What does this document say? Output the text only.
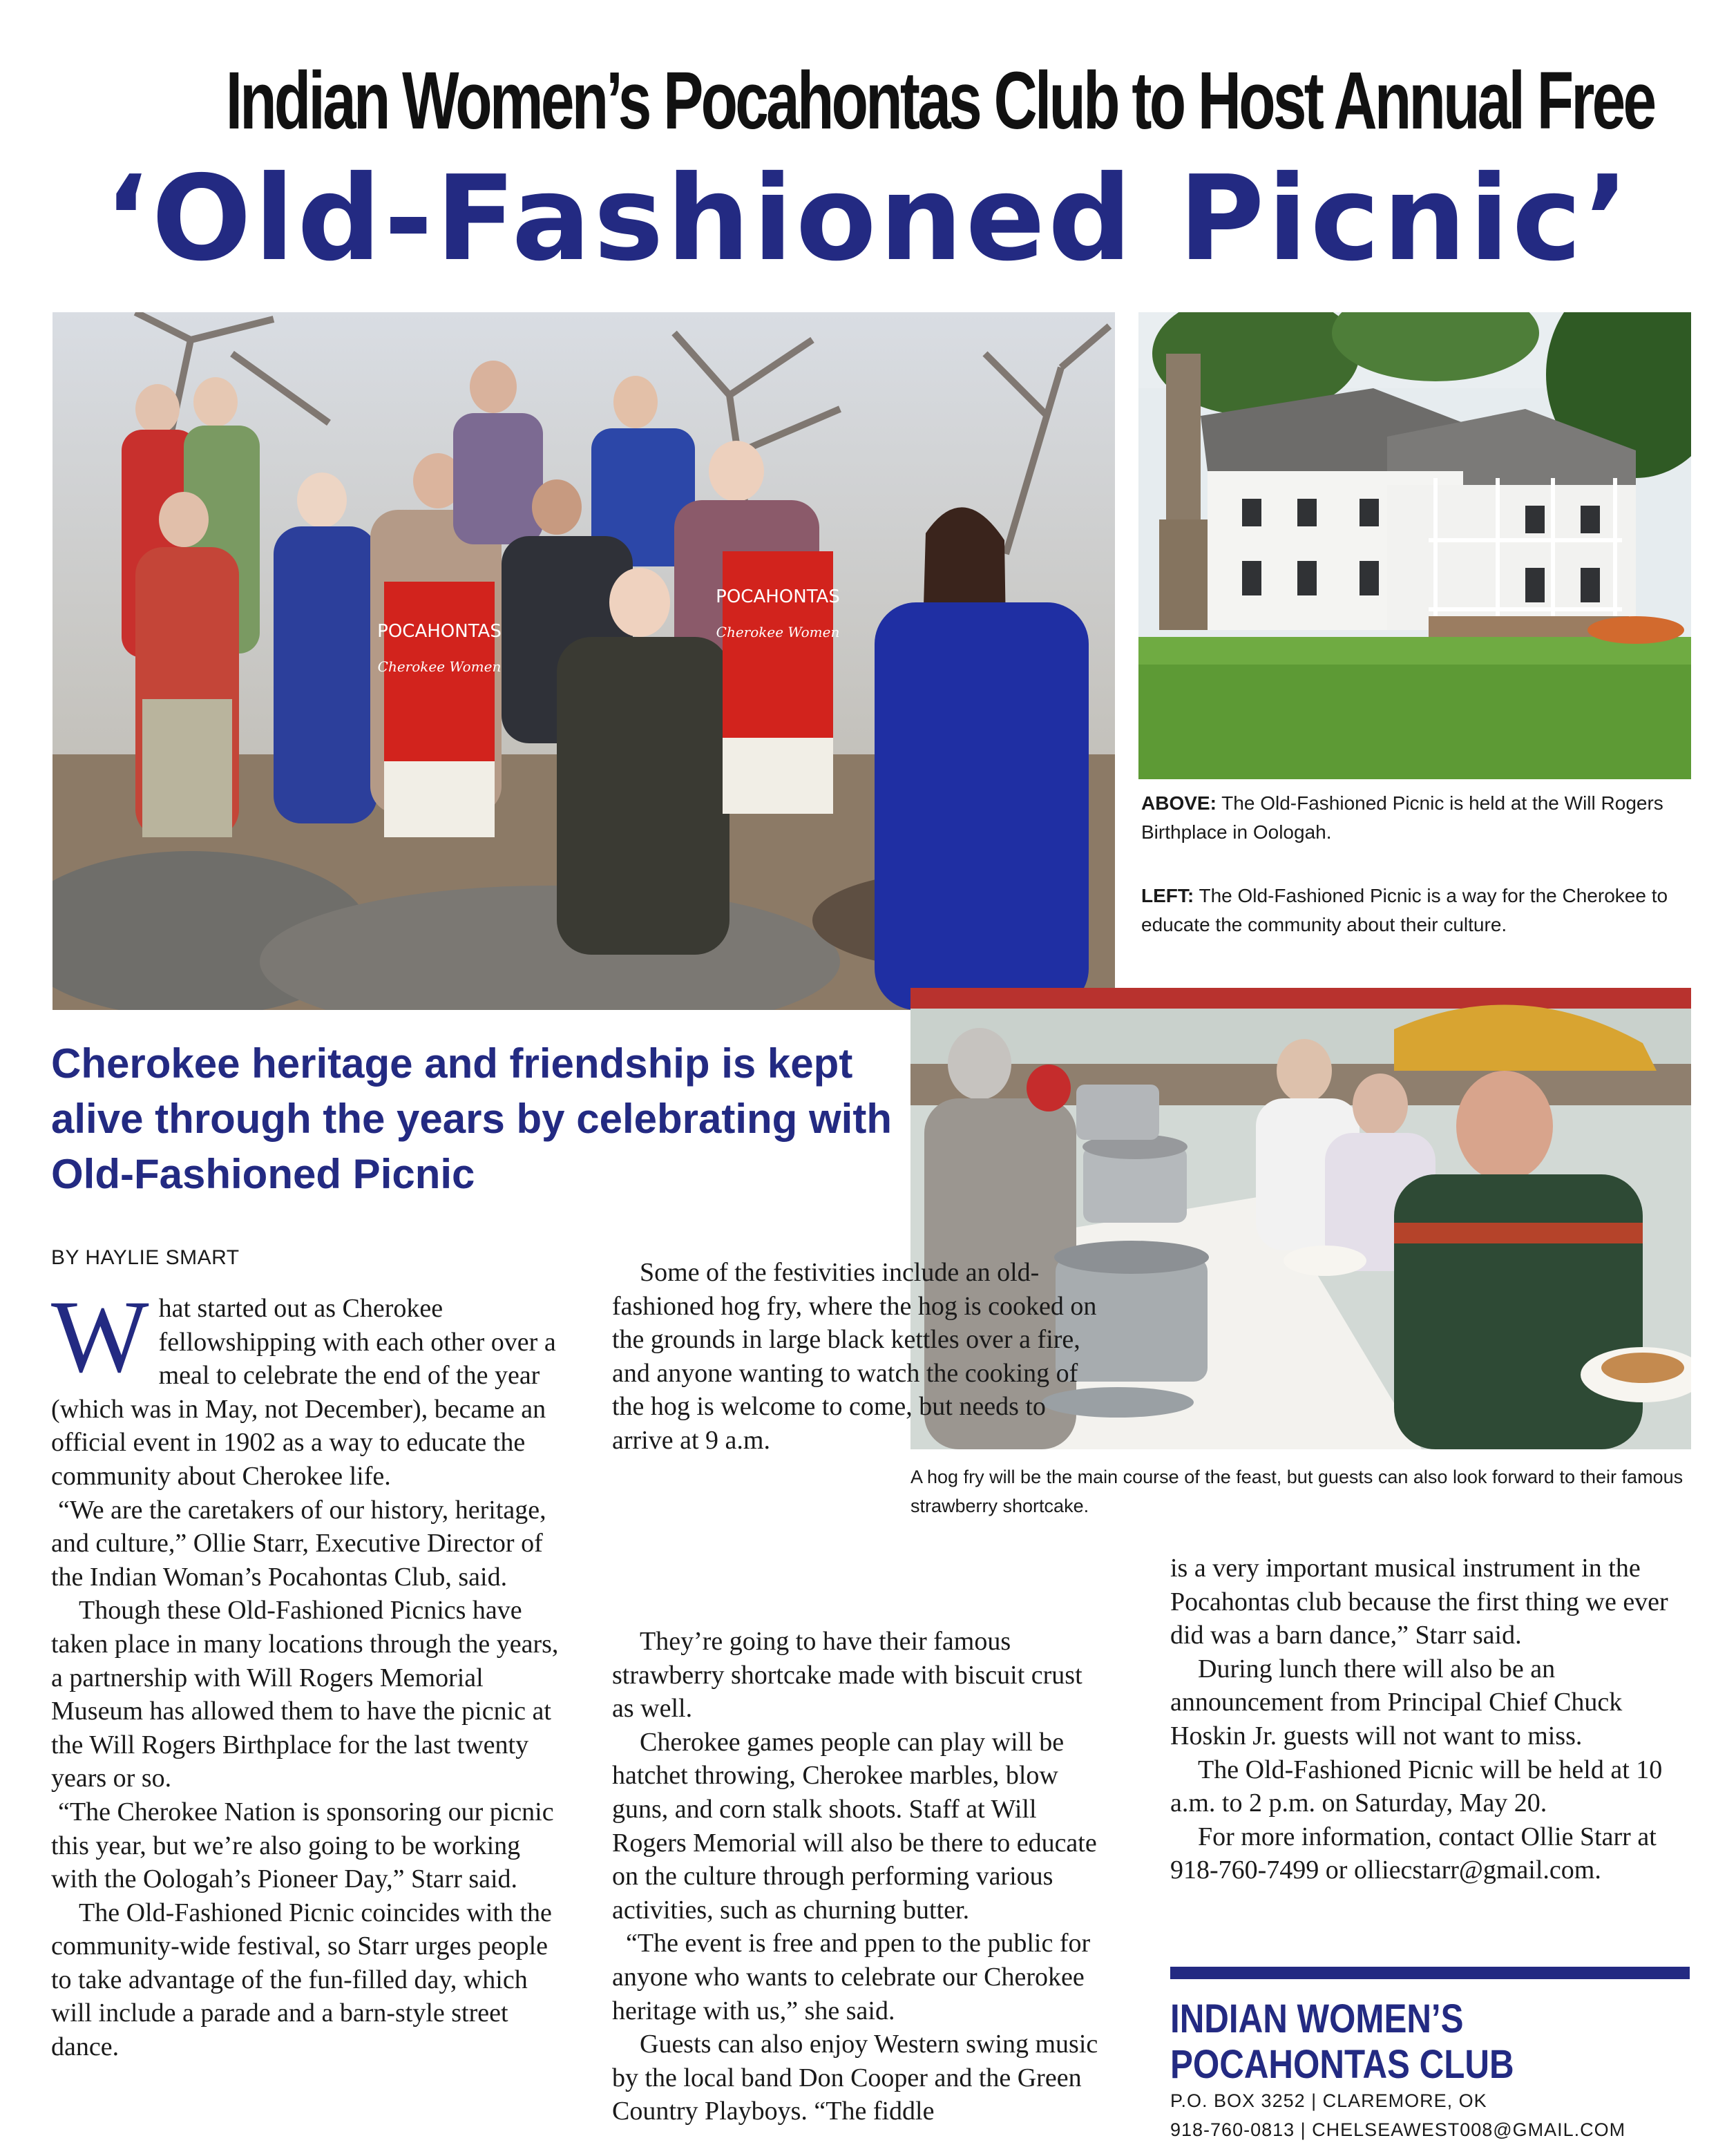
Indian Women’s Pocahontas Club to Host Annual Free
‘Old-Fashioned Picnic’
POCAHONTAS
Cherokee Women
POCAHONTAS
Cherokee Women
ABOVE: The Old-Fashioned Picnic is held at the Will Rogers Birthplace in Oologah.
LEFT: The Old-Fashioned Picnic is a way for the Cherokee to educate the community about their culture.
A hog fry will be the main course of the feast, but guests can also look forward to their famous strawberry shortcake.
Cherokee heritage and friendship is kept alive through the years by celebrating with Old-Fashioned Picnic
BY HAYLIE SMART

What started out as Cherokee fellowshipping with each other over a meal to celebrate the end of the year (which was in May, not December), became an official event in 1902 as a way to educate the community about Cherokee life.

“We are the caretakers of our history, heritage, and culture,” Ollie Starr, Executive Director of the Indian Woman’s Pocahontas Club, said.

Though these Old-Fashioned Picnics have taken place in many locations through the years, a partnership with Will Rogers Memorial Museum has allowed them to have the picnic at the Will Rogers Birthplace for the last twenty years or so.

“The Cherokee Nation is sponsoring our picnic this year, but we’re also going to be working with the Oologah’s Pioneer Day,” Starr said.

The Old-Fashioned Picnic coincides with the community-wide festival, so Starr urges people to take advantage of the fun-filled day, which will include a parade and a barn-style street dance.

Some of the festivities include an old-fashioned hog fry, where the hog is cooked on the grounds in large black kettles over a fire, and anyone wanting to watch the cooking of the hog is welcome to come, but needs to arrive at 9 a.m.

They’re going to have their famous strawberry shortcake made with biscuit crust as well.

Cherokee games people can play will be hatchet throwing, Cherokee marbles, blow guns, and corn stalk shoots. Staff at Will Rogers Memorial will also be there to educate on the culture through performing various activities, such as churning butter.

“The event is free and ppen to the public for anyone who wants to celebrate our Cherokee heritage with us,” she said.

Guests can also enjoy Western swing music by the local band Don Cooper and the Green Country Playboys. “The fiddle

is a very important musical instrument in the Pocahontas club because the first thing we ever did was a barn dance,” Starr said.

During lunch there will also be an announcement from Principal Chief Chuck Hoskin Jr. guests will not want to miss.

The Old-Fashioned Picnic will be held at 10 a.m. to 2 p.m. on Saturday, May 20.

For more information, contact Ollie Starr at 918-760-7499 or olliecstarr@gmail.com.

INDIAN WOMEN’S
POCAHONTAS CLUB
P.O. BOX 3252 | CLAREMORE, OK
918-760-0813 | CHELSEAWEST008@GMAIL.COM
